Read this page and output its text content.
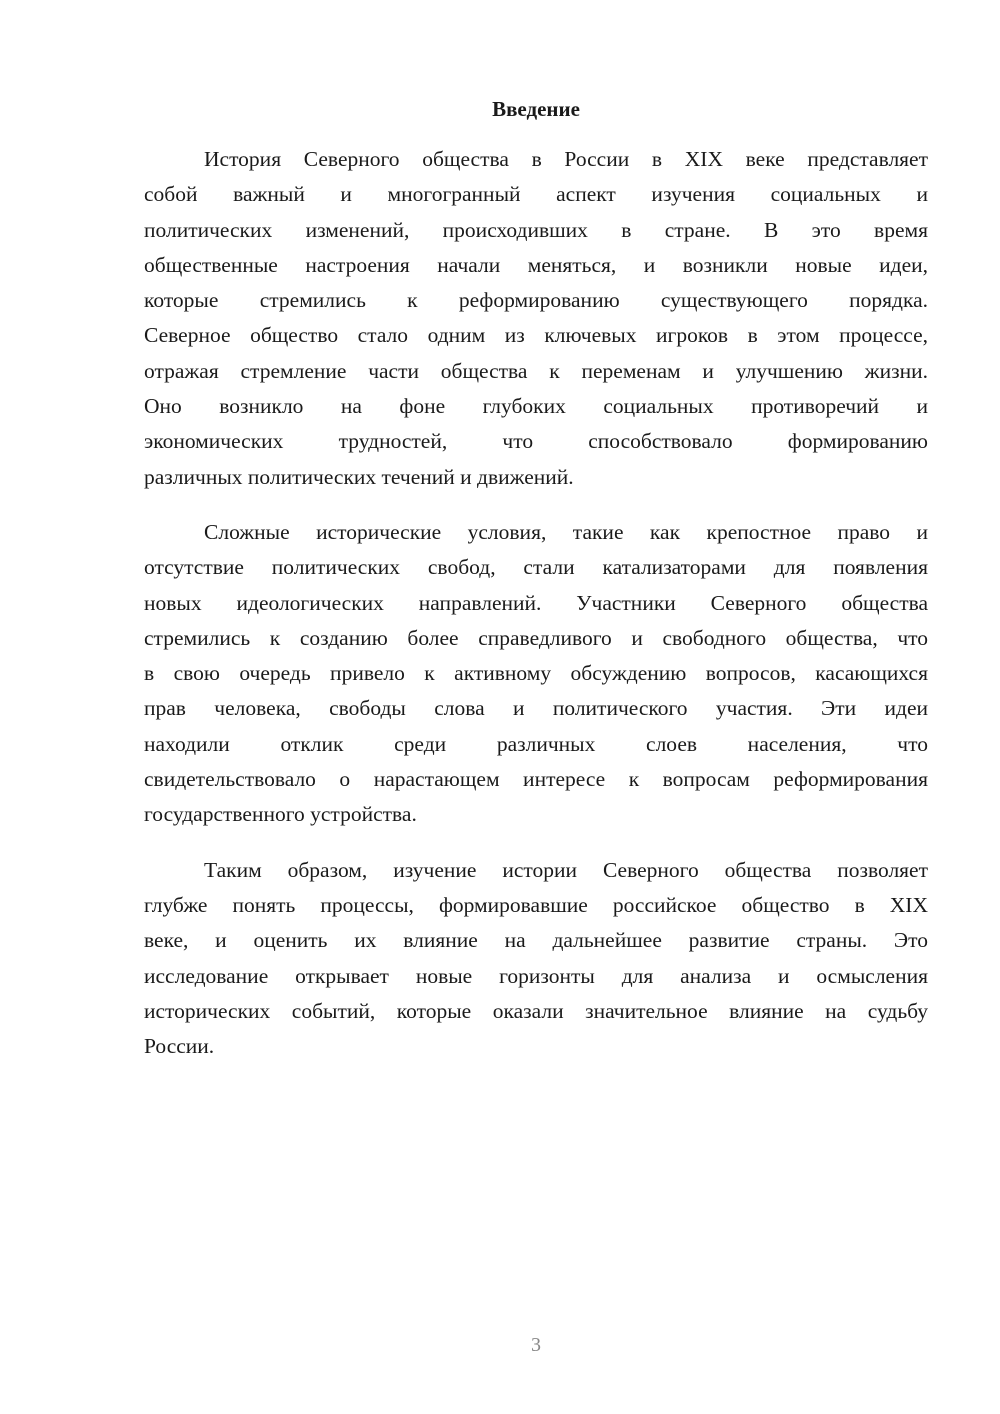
Введение
История Северного общества в России в XIX веке представляет
собой важный и многогранный аспект изучения социальных и
политических изменений, происходивших в стране. В это время
общественные настроения начали меняться, и возникли новые идеи,
которые стремились к реформированию существующего порядка.
Северное общество стало одним из ключевых игроков в этом процессе,
отражая стремление части общества к переменам и улучшению жизни.
Оно возникло на фоне глубоких социальных противоречий и
экономических трудностей, что способствовало формированию
различных политических течений и движений.
Сложные исторические условия, такие как крепостное право и
отсутствие политических свобод, стали катализаторами для появления
новых идеологических направлений. Участники Северного общества
стремились к созданию более справедливого и свободного общества, что
в свою очередь привело к активному обсуждению вопросов, касающихся
прав человека, свободы слова и политического участия. Эти идеи
находили отклик среди различных слоев населения, что
свидетельствовало о нарастающем интересе к вопросам реформирования
государственного устройства.
Таким образом, изучение истории Северного общества позволяет
глубже понять процессы, формировавшие российское общество в XIX
веке, и оценить их влияние на дальнейшее развитие страны. Это
исследование открывает новые горизонты для анализа и осмысления
исторических событий, которые оказали значительное влияние на судьбу
России.
3
